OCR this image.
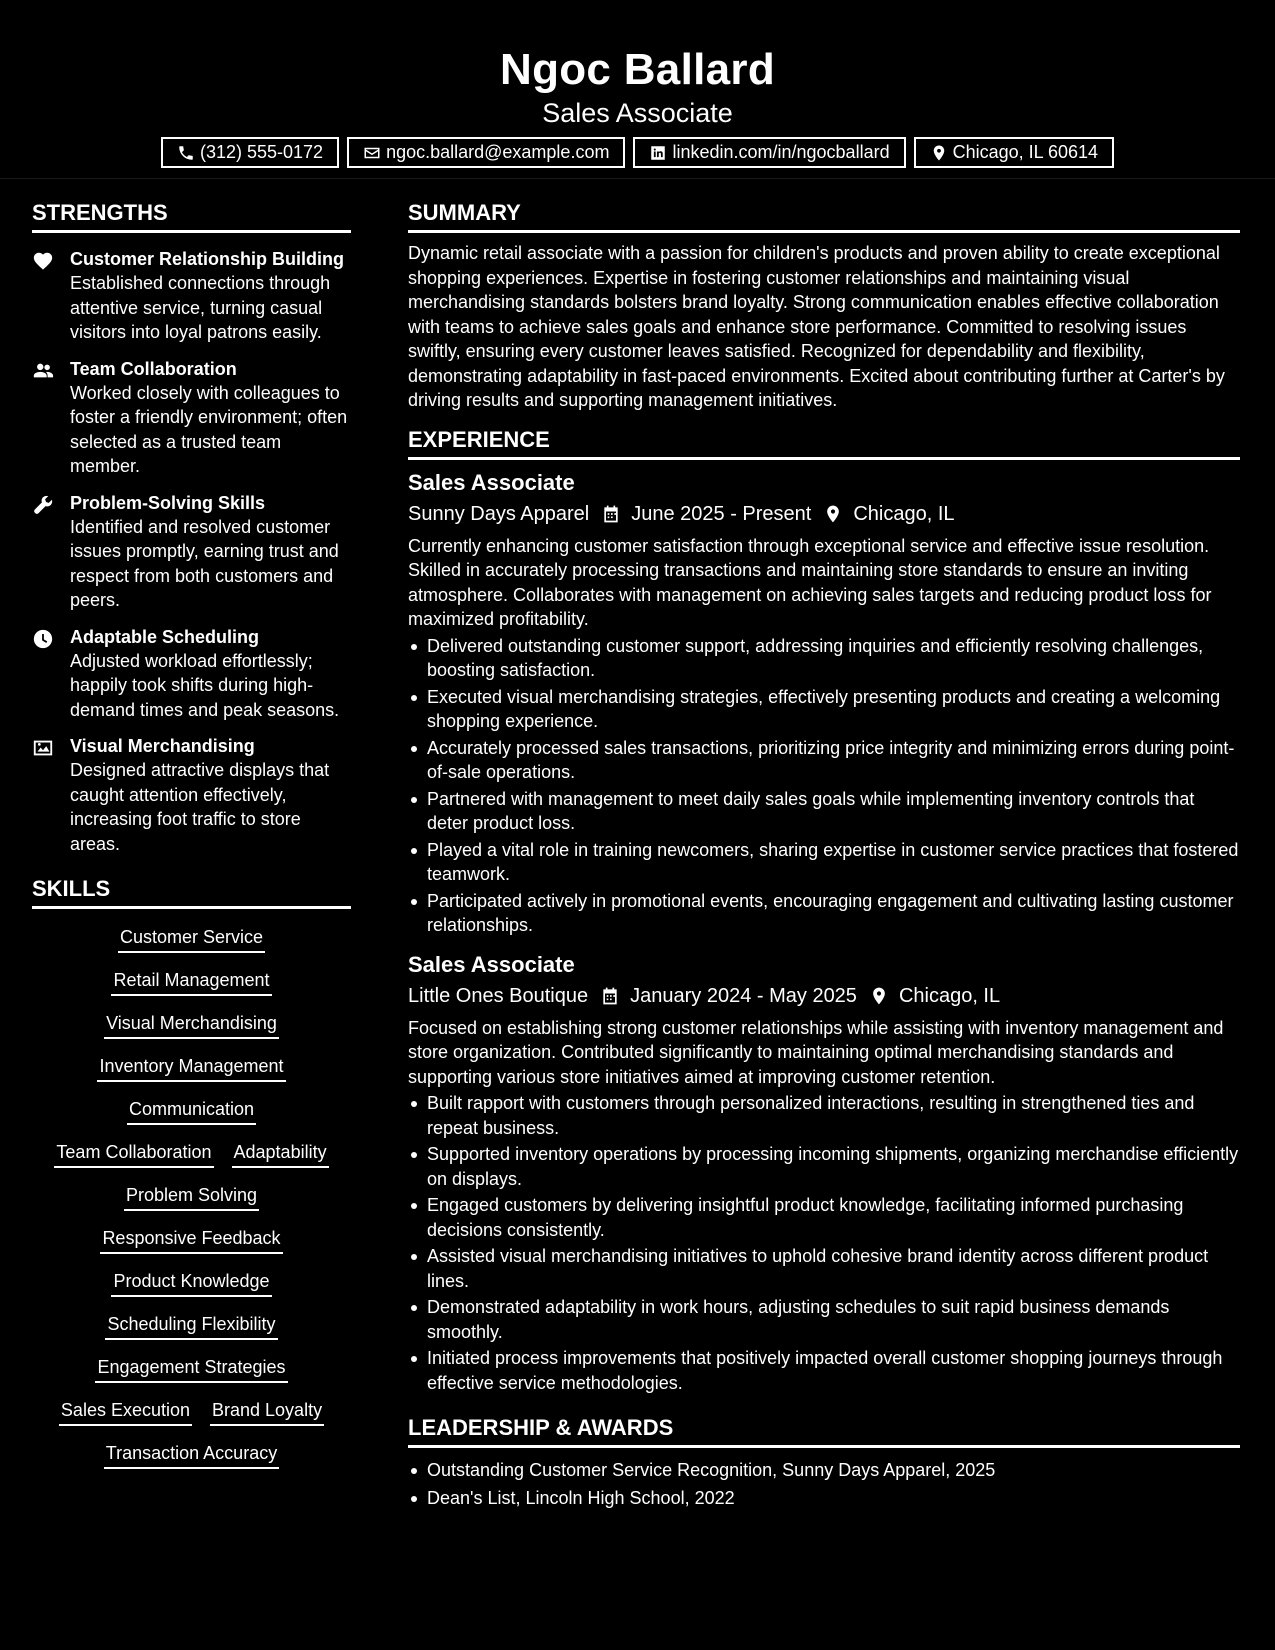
Ngoc Ballard
Sales Associate
(312) 555-0172	ngoc.ballard@example.com	linkedin.com/in/ngocballard	Chicago, IL 60614
STRENGTHS
Customer Relationship Building
Established connections through attentive service, turning casual visitors into loyal patrons easily.
Team Collaboration
Worked closely with colleagues to foster a friendly environment; often selected as a trusted team member.
Problem-Solving Skills
Identified and resolved customer issues promptly, earning trust and respect from both customers and peers.
Adaptable Scheduling
Adjusted workload effortlessly; happily took shifts during high-demand times and peak seasons.
Visual Merchandising
Designed attractive displays that caught attention effectively, increasing foot traffic to store areas.
SKILLS
Customer Service
Retail Management
Visual Merchandising
Inventory Management
Communication
Team Collaboration Adaptability
Problem Solving
Responsive Feedback
Product Knowledge
Scheduling Flexibility
Engagement Strategies
Sales Execution Brand Loyalty
Transaction Accuracy
SUMMARY

Dynamic retail associate with a passion for children's products and proven ability to create exceptional shopping experiences. Expertise in fostering customer relationships and maintaining visual merchandising standards bolsters brand loyalty. Strong communication enables effective collaboration with teams to achieve sales goals and enhance store performance. Committed to resolving issues swiftly, ensuring every customer leaves satisfied. Recognized for dependability and flexibility, demonstrating adaptability in fast-paced environments. Excited about contributing further at Carter's by driving results and supporting management initiatives.

EXPERIENCE
Sales Associate
Sunny Days Apparel June 2025 - Present Chicago, IL

Currently enhancing customer satisfaction through exceptional service and effective issue resolution. Skilled in accurately processing transactions and maintaining store standards to ensure an inviting atmosphere. Collaborates with management on achieving sales targets and reducing product loss for maximized profitability.

Delivered outstanding customer support, addressing inquiries and efficiently resolving challenges, boosting satisfaction.
Executed visual merchandising strategies, effectively presenting products and creating a welcoming shopping experience.
Accurately processed sales transactions, prioritizing price integrity and minimizing errors during point-of-sale operations.
Partnered with management to meet daily sales goals while implementing inventory controls that deter product loss.
Played a vital role in training newcomers, sharing expertise in customer service practices that fostered teamwork.
Participated actively in promotional events, encouraging engagement and cultivating lasting customer relationships.
Sales Associate
Little Ones Boutique January 2024 - May 2025 Chicago, IL

Focused on establishing strong customer relationships while assisting with inventory management and store organization. Contributed significantly to maintaining optimal merchandising standards and supporting various store initiatives aimed at improving customer retention.

Built rapport with customers through personalized interactions, resulting in strengthened ties and repeat business.
Supported inventory operations by processing incoming shipments, organizing merchandise efficiently on displays.
Engaged customers by delivering insightful product knowledge, facilitating informed purchasing decisions consistently.
Assisted visual merchandising initiatives to uphold cohesive brand identity across different product lines.
Demonstrated adaptability in work hours, adjusting schedules to suit rapid business demands smoothly.
Initiated process improvements that positively impacted overall customer shopping journeys through effective service methodologies.
LEADERSHIP & AWARDS
Outstanding Customer Service Recognition, Sunny Days Apparel, 2025
Dean's List, Lincoln High School, 2022
